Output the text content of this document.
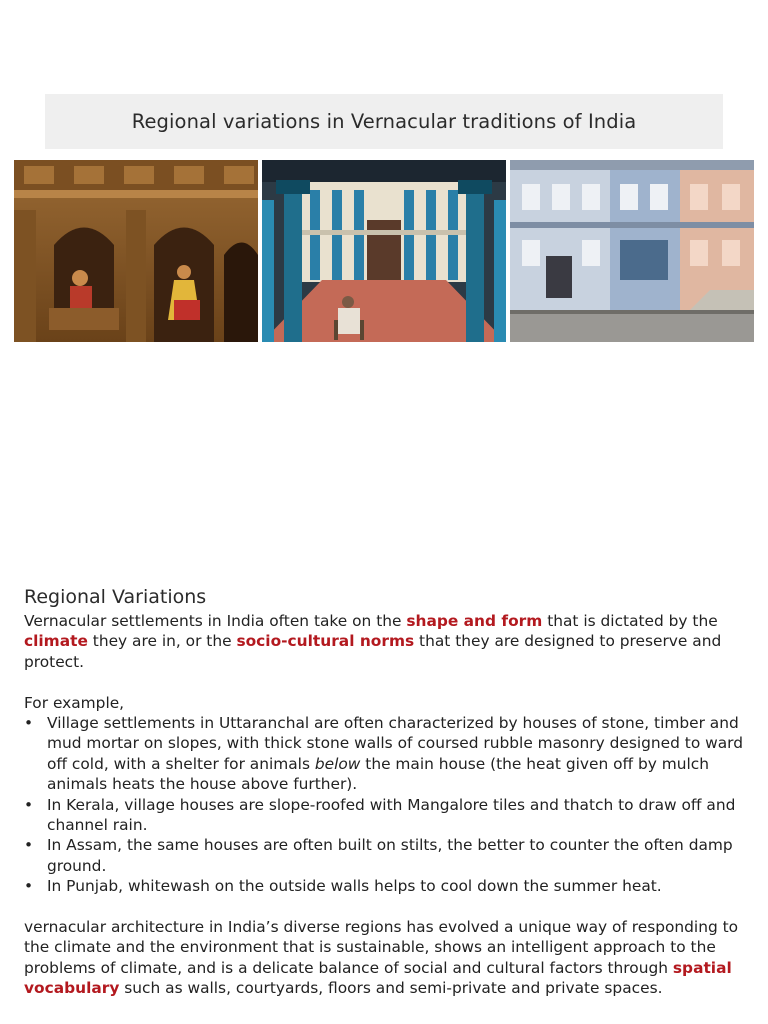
Regional variations in Vernacular traditions of India
Regional Variations

Vernacular settlements in India often take on the shape and form that is dictated by the climate they are in, or the socio-cultural norms that they are designed to preserve and protect.

For example,

• Village settlements in Uttaranchal are often characterized by houses of stone, timber and mud mortar on slopes, with thick stone walls of coursed rubble masonry designed to ward off cold, with a shelter for animals below the main house (the heat given off by mulch animals heats the house above further).
• In Kerala, village houses are slope-roofed with Mangalore tiles and thatch to draw off and channel rain.
• In Assam, the same houses are often built on stilts, the better to counter the often damp ground.
• In Punjab, whitewash on the outside walls helps to cool down the summer heat.

vernacular architecture in India’s diverse regions has evolved a unique way of responding to the climate and the environment that is sustainable, shows an intelligent approach to the problems of climate, and is a delicate balance of social and cultural factors through spatial vocabulary such as walls, courtyards, floors and semi-private and private spaces.
